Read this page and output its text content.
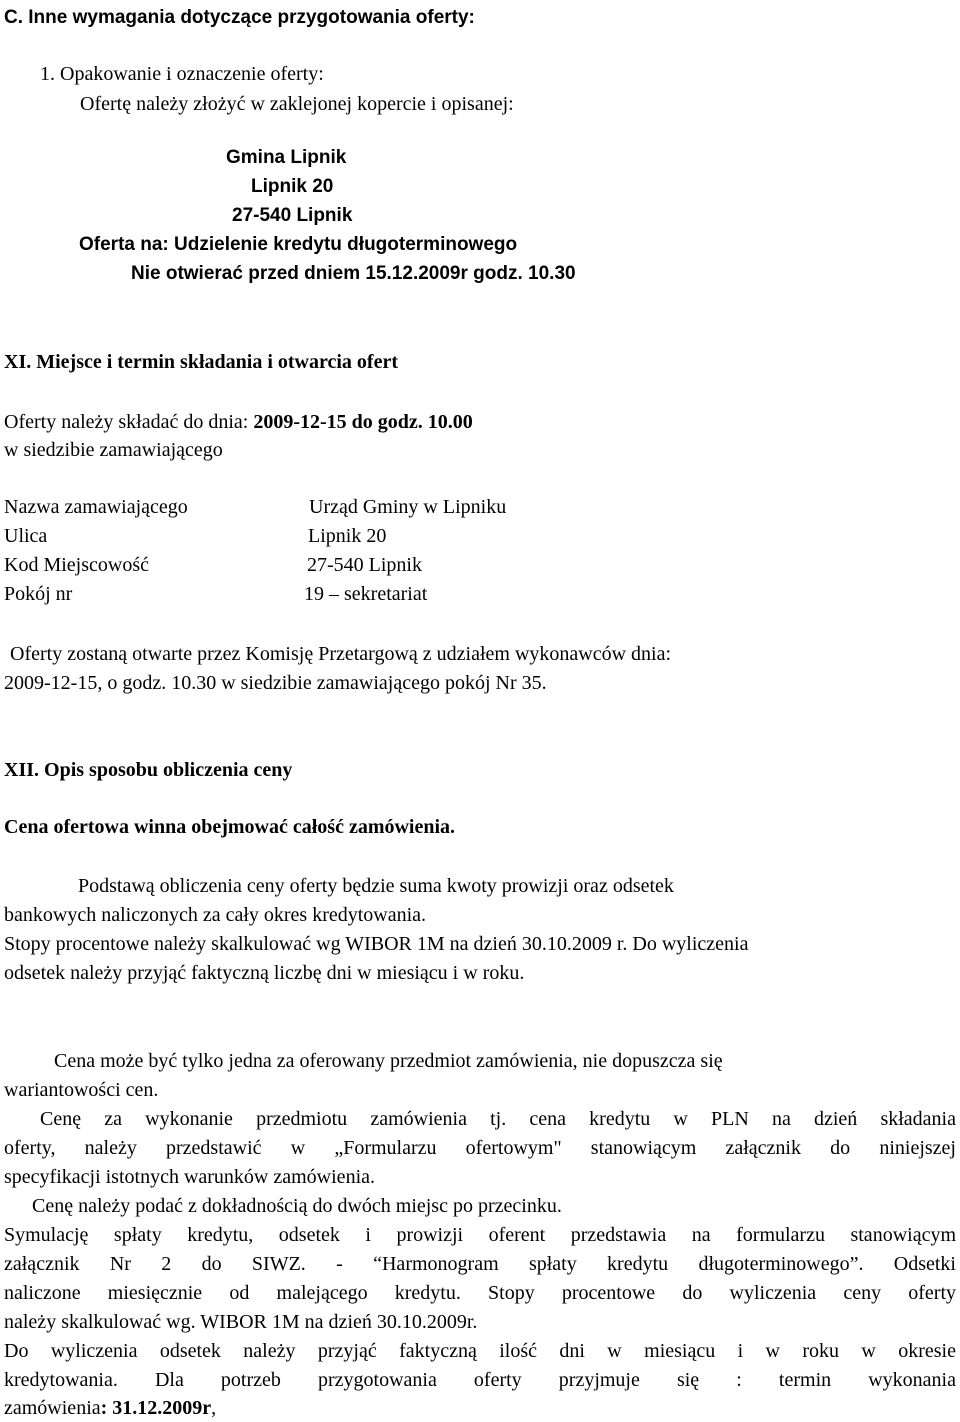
C. Inne wymagania dotyczące przygotowania oferty:
1. Opakowanie i oznaczenie oferty:
Ofertę należy złożyć w zaklejonej kopercie i opisanej:
Gmina Lipnik
Lipnik 20
27-540 Lipnik
Oferta na: Udzielenie kredytu długoterminowego
Nie otwierać przed dniem 15.12.2009r godz. 10.30
XI. Miejsce i termin składania i otwarcia ofert
Oferty należy składać do dnia: 2009-12-15 do godz. 10.00
w siedzibie zamawiającego
Nazwa zamawiającego	Urząd Gminy w Lipniku
Ulica	Lipnik 20
Kod Miejscowość	27-540 Lipnik
Pokój nr	19 – sekretariat
Oferty zostaną otwarte przez Komisję Przetargową z udziałem wykonawców dnia:
2009-12-15, o godz. 10.30 w siedzibie zamawiającego pokój Nr 35.
XII. Opis sposobu obliczenia ceny
Cena ofertowa winna obejmować całość zamówienia.
Podstawą obliczenia ceny oferty będzie suma kwoty prowizji oraz odsetek
bankowych naliczonych za cały okres kredytowania.
Stopy procentowe należy skalkulować wg WIBOR 1M na dzień 30.10.2009 r. Do wyliczenia
odsetek należy przyjąć faktyczną liczbę dni w miesiącu i w roku.
Cena może być tylko jedna za oferowany przedmiot zamówienia, nie dopuszcza się
wariantowości cen.
Cenę za wykonanie przedmiotu zamówienia tj. cena kredytu w PLN na dzień składania
oferty, należy przedstawić w „Formularzu ofertowym" stanowiącym załącznik do niniejszej
specyfikacji istotnych warunków zamówienia.
Cenę należy podać z dokładnością do dwóch miejsc po przecinku.
Symulację spłaty kredytu, odsetek i prowizji oferent przedstawia na formularzu stanowiącym
załącznik Nr 2 do SIWZ. - “Harmonogram spłaty kredytu długoterminowego”. Odsetki
naliczone miesięcznie od malejącego kredytu. Stopy procentowe do wyliczenia ceny oferty
należy skalkulować wg. WIBOR 1M na dzień 30.10.2009r.
Do wyliczenia odsetek należy przyjąć faktyczną ilość dni w miesiącu i w roku w okresie
kredytowania. Dla potrzeb przygotowania oferty przyjmuje się : termin wykonania
zamówienia: 31.12.2009r,
